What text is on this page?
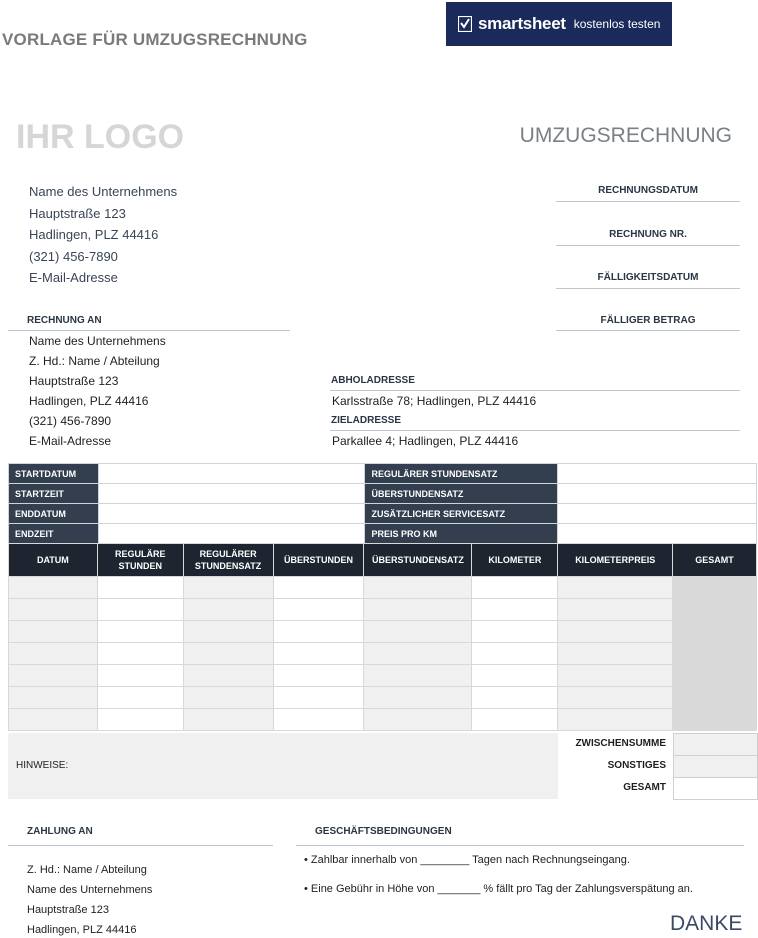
VORLAGE FÜR UMZUGSRECHNUNG
smartsheet kostenlos testen
IHR LOGO	UMZUGSRECHNUNG
Name des Unternehmens
Hauptstraße 123
Hadlingen, PLZ 44416
(321) 456-7890
E-Mail-Adresse
RECHNUNGSDATUM
RECHNUNG NR.
FÄLLIGKEITSDATUM
FÄLLIGER BETRAG
RECHNUNG AN
Name des Unternehmens
Z. Hd.: Name / Abteilung
Hauptstraße 123
Hadlingen, PLZ 44416
(321) 456-7890
E-Mail-Adresse
ABHOLADRESSE
Karlsstraße 78; Hadlingen, PLZ 44416
ZIELADRESSE
Parkallee 4; Hadlingen, PLZ 44416
STARTDATUM		REGULÄRER STUNDENSATZ	
STARTZEIT		ÜBERSTUNDENSATZ	
ENDDATUM		ZUSÄTZLICHER SERVICESATZ	
ENDZEIT		PREIS PRO KM	
DATUM	REGULÄRE STUNDEN	REGULÄRER STUNDENSATZ	ÜBERSTUNDEN	ÜBERSTUNDENSATZ	KILOMETER	KILOMETERPREIS	GESAMT

HINWEISE:
ZWISCHENSUMME
SONSTIGES
GESAMT
ZAHLUNG AN
Z. Hd.: Name / Abteilung
Name des Unternehmens
Hauptstraße 123
Hadlingen, PLZ 44416
GESCHÄFTSBEDINGUNGEN
• Zahlbar innerhalb von ________ Tagen nach Rechnungseingang.
• Eine Gebühr in Höhe von _______ % fällt pro Tag der Zahlungsverspätung an.
DANKE
